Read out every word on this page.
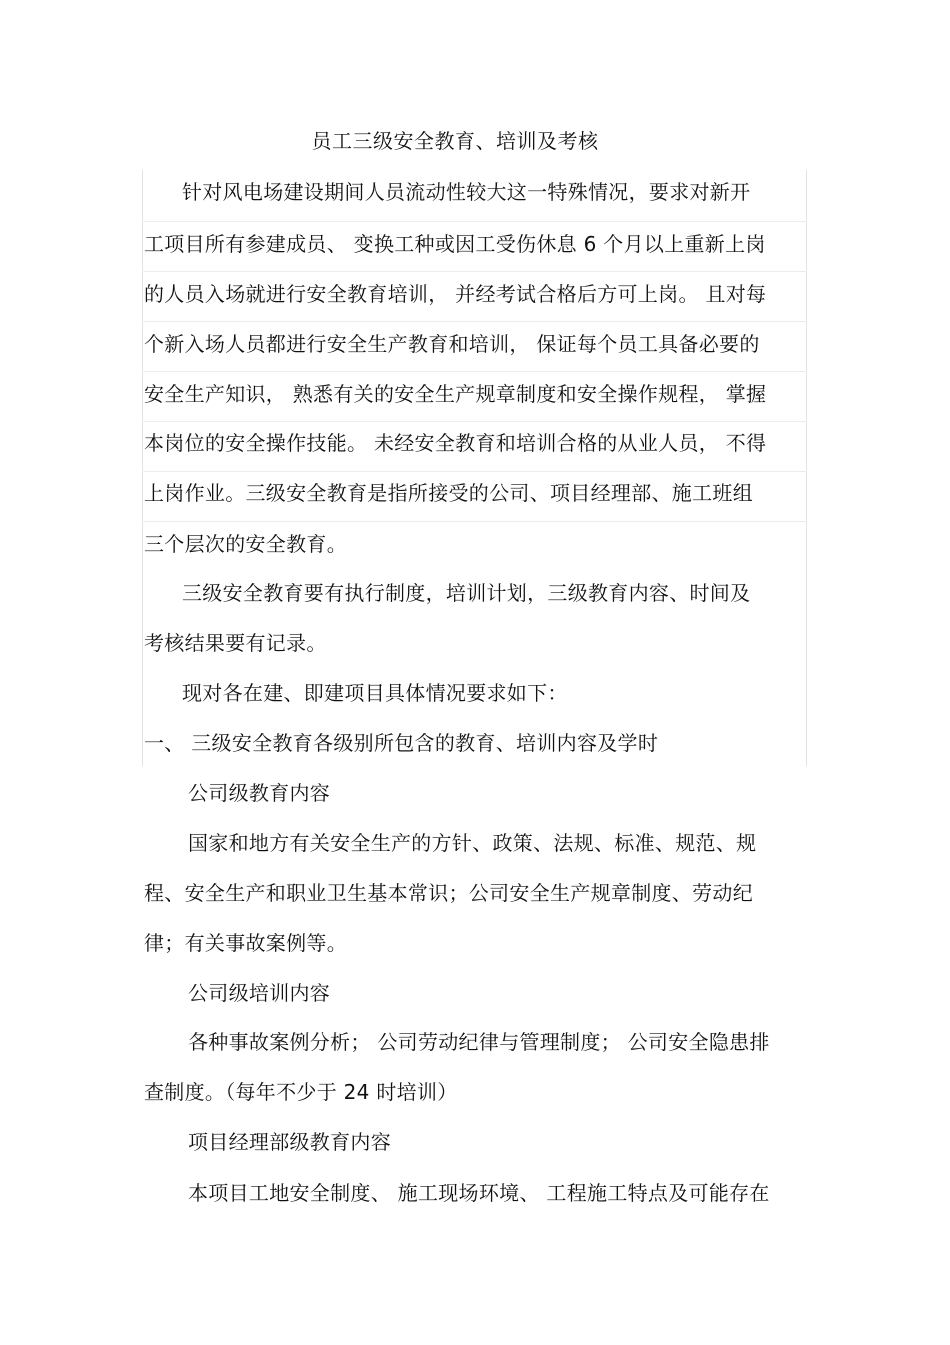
员工三级安全教育、培训及考核
针对风电场建设期间人员流动性较大这一特殊情况，要求对新开
工项目所有参建成员、 变换工种或因工受伤休息 6 个月以上重新上岗
的人员入场就进行安全教育培训， 并经考试合格后方可上岗。 且对每
个新入场人员都进行安全生产教育和培训， 保证每个员工具备必要的
安全生产知识， 熟悉有关的安全生产规章制度和安全操作规程， 掌握
本岗位的安全操作技能。 未经安全教育和培训合格的从业人员， 不得
上岗作业。三级安全教育是指所接受的公司、项目经理部、施工班组
三个层次的安全教育。
三级安全教育要有执行制度，培训计划，三级教育内容、时间及
考核结果要有记录。
现对各在建、即建项目具体情况要求如下：
一、 三级安全教育各级别所包含的教育、培训内容及学时
公司级教育内容
国家和地方有关安全生产的方针、政策、法规、标准、规范、规
程、安全生产和职业卫生基本常识；公司安全生产规章制度、劳动纪
律；有关事故案例等。
公司级培训内容
各种事故案例分析； 公司劳动纪律与管理制度； 公司安全隐患排
查制度。（每年不少于 24 时培训）
项目经理部级教育内容
本项目工地安全制度、 施工现场环境、 工程施工特点及可能存在
